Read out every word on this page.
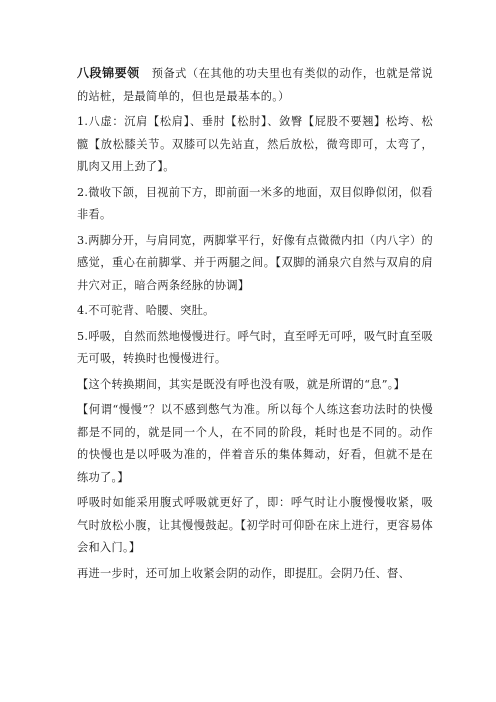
八段锦要领 预备式（在其他的功夫里也有类似的动作，也就是常说的站桩，是最简单的，但也是最基本的。）

1.八虚：沉肩【松肩】、垂肘【松肘】、敛臀【屁股不要翘】松垮、松髋【放松膝关节。双膝可以先站直，然后放松，微弯即可，太弯了，肌肉又用上劲了】。

2.微收下颌，目视前下方，即前面一米多的地面，双目似睁似闭，似看非看。

3.两脚分开，与肩同宽，两脚掌平行，好像有点微微内扣（内八字）的感觉，重心在前脚掌、并于两腿之间。【双脚的涌泉穴自然与双肩的肩井穴对正，暗合两条经脉的协调】

4.不可驼背、哈腰、突肚。

5.呼吸，自然而然地慢慢进行。呼气时，直至呼无可呼，吸气时直至吸无可吸，转换时也慢慢进行。

【这个转换期间，其实是既没有呼也没有吸，就是所谓的“息”。】

【何谓“慢慢”？以不感到憋气为准。所以每个人练这套功法时的快慢都是不同的，就是同一个人，在不同的阶段，耗时也是不同的。动作的快慢也是以呼吸为准的，伴着音乐的集体舞动，好看，但就不是在练功了。】

呼吸时如能采用腹式呼吸就更好了，即：呼气时让小腹慢慢收紧，吸气时放松小腹，让其慢慢鼓起。【初学时可仰卧在床上进行，更容易体会和入门。】

再进一步时，还可加上收紧会阴的动作，即提肛。会阴乃任、督、
